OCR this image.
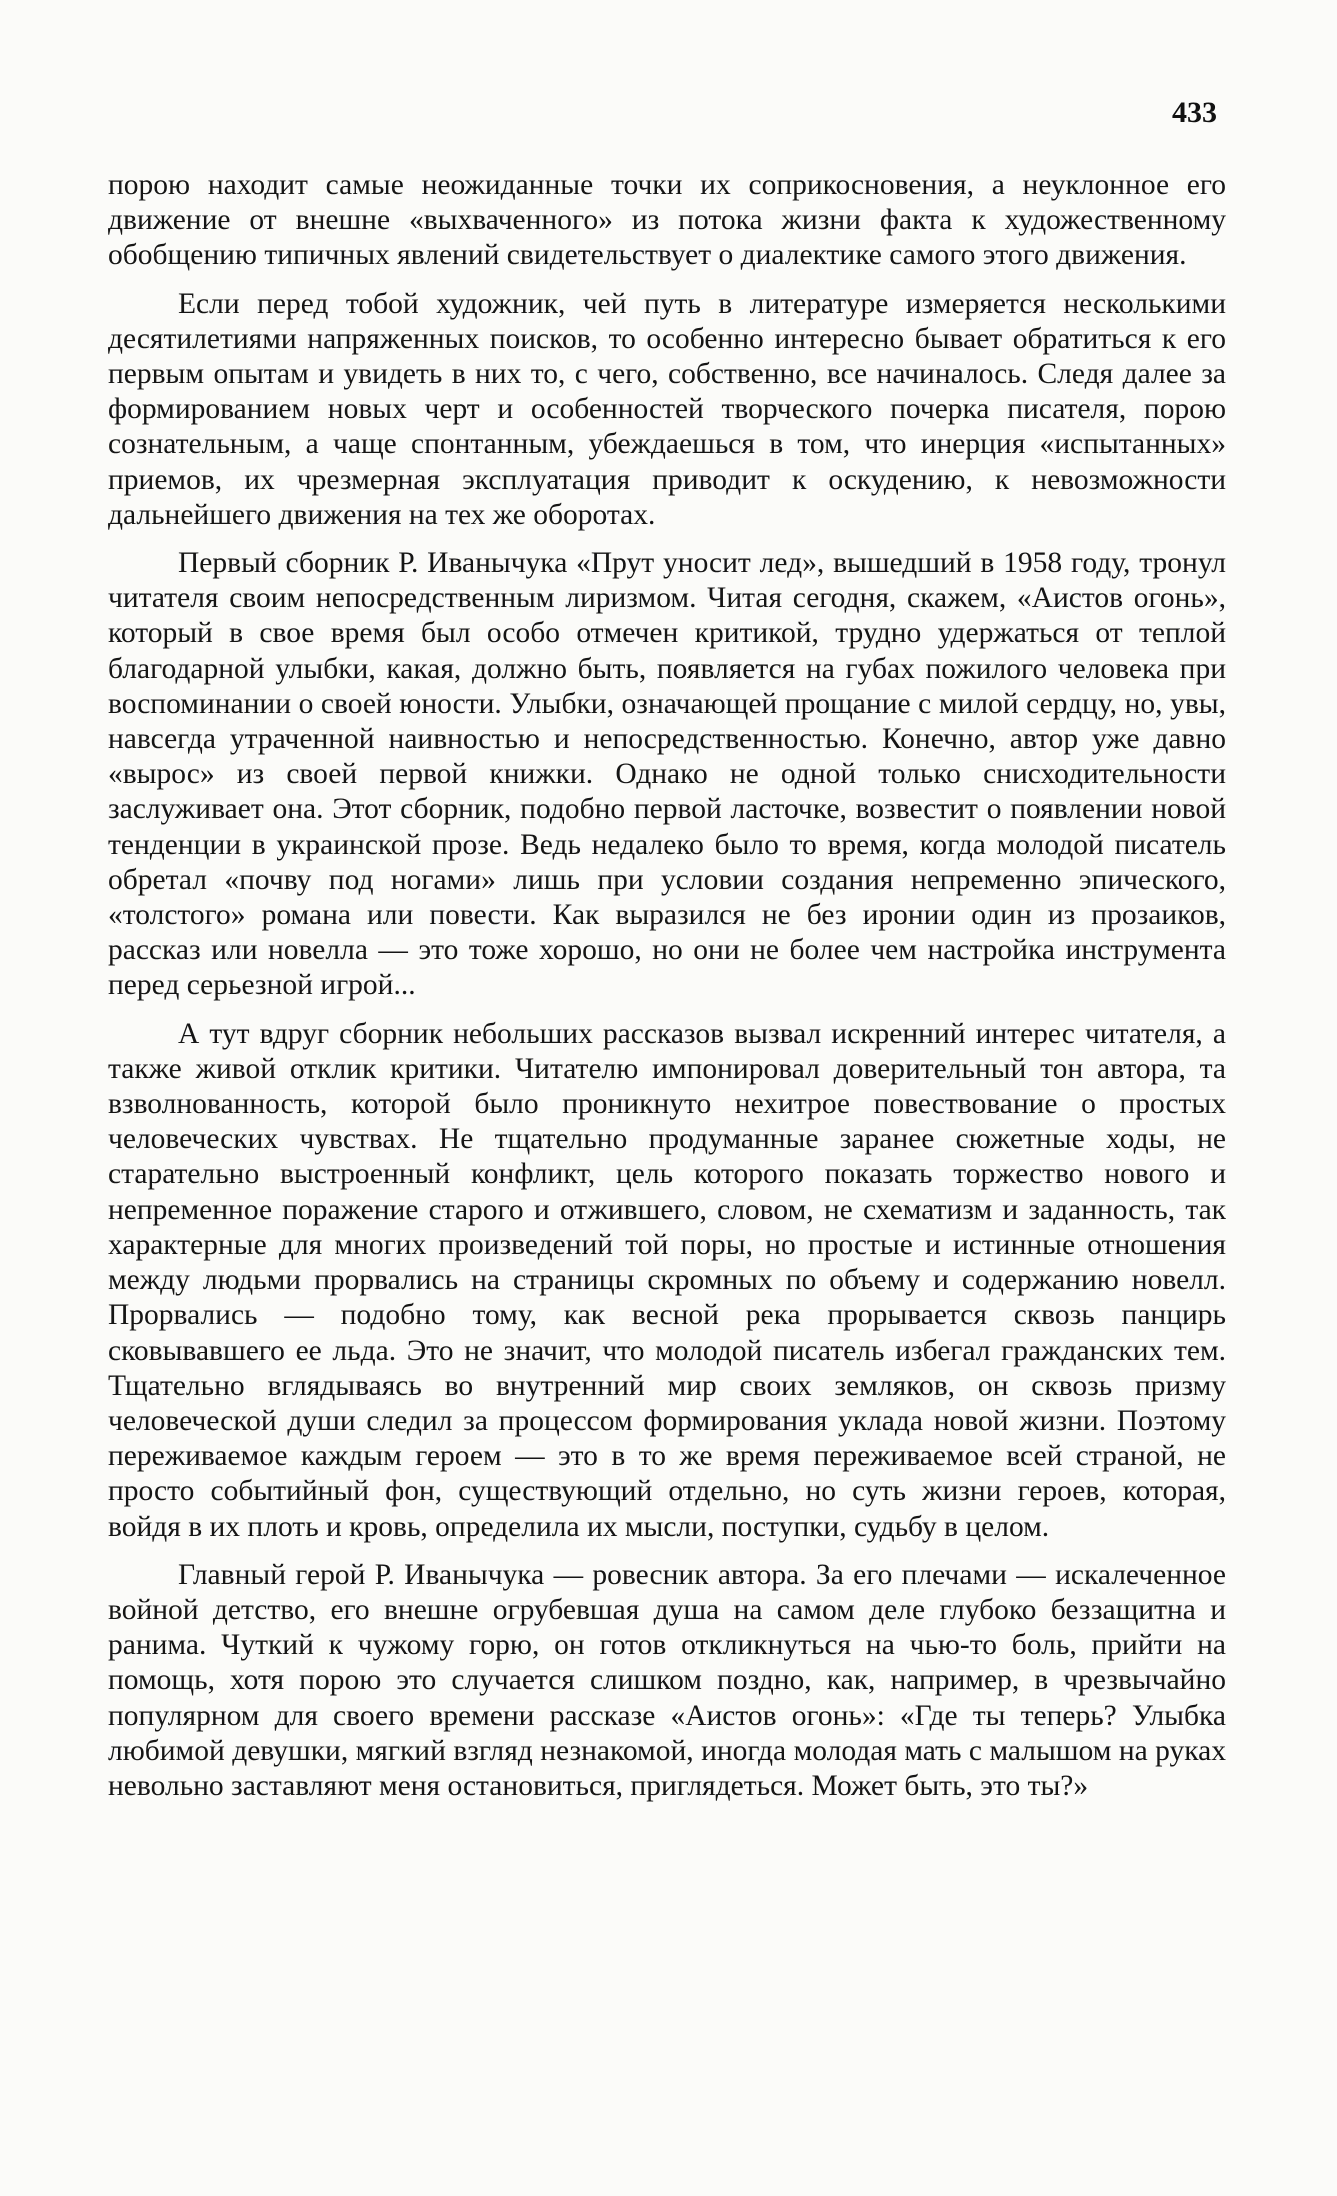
433

порою находит самые неожиданные точки их соприкосновения, а неуклонное его движение от внешне «выхваченного» из потока жизни факта к художественному обобщению типичных явлений свидетельствует о диалектике самого этого движения.

Если перед тобой художник, чей путь в литературе измеряется несколькими десятилетиями напряженных поисков, то особенно интересно бывает обратиться к его первым опытам и увидеть в них то, с чего, собственно, все начиналось. Следя далее за формированием новых черт и особенностей творческого почерка писателя, порою сознательным, а чаще спонтанным, убеждаешься в том, что инерция «испытанных» приемов, их чрезмерная эксплуатация приводит к оскудению, к невозможности дальнейшего движения на тех же оборотах.

Первый сборник Р. Иванычука «Прут уносит лед», вышедший в 1958 году, тронул читателя своим непосредственным лиризмом. Читая сегодня, скажем, «Аистов огонь», который в свое время был особо отмечен критикой, трудно удержаться от теплой благодарной улыбки, какая, должно быть, появляется на губах пожилого человека при воспоминании о своей юности. Улыбки, означающей прощание с милой сердцу, но, увы, навсегда утраченной наивностью и непосредственностью. Конечно, автор уже давно «вырос» из своей первой книжки. Однако не одной только снисходительности заслуживает она. Этот сборник, подобно первой ласточке, возвестит о появлении новой тенденции в украинской прозе. Ведь недалеко было то время, когда молодой писатель обретал «почву под ногами» лишь при условии создания непременно эпического, «толстого» романа или повести. Как выразился не без иронии один из прозаиков, рассказ или новелла — это тоже хорошо, но они не более чем настройка инструмента перед серьезной игрой...

А тут вдруг сборник небольших рассказов вызвал искренний интерес читателя, а также живой отклик критики. Читателю импонировал доверительный тон автора, та взволнованность, которой было проникнуто нехитрое повествование о простых человеческих чувствах. Не тщательно продуманные заранее сюжетные ходы, не старательно выстроенный конфликт, цель которого показать торжество нового и непременное поражение старого и отжившего, словом, не схематизм и заданность, так характерные для многих произведений той поры, но простые и истинные отношения между людьми прорвались на страницы скромных по объему и содержанию новелл. Прорвались — подобно тому, как весной река прорывается сквозь панцирь сковывавшего ее льда. Это не значит, что молодой писатель избегал гражданских тем. Тщательно вглядываясь во внутренний мир своих земляков, он сквозь призму человеческой души следил за процессом формирования уклада новой жизни. Поэтому переживаемое каждым героем — это в то же время переживаемое всей страной, не просто событийный фон, существующий отдельно, но суть жизни героев, которая, войдя в их плоть и кровь, определила их мысли, поступки, судьбу в целом.

Главный герой Р. Иванычука — ровесник автора. За его плечами — искалеченное войной детство, его внешне огрубевшая душа на самом деле глубоко беззащитна и ранима. Чуткий к чужому горю, он готов откликнуться на чью-то боль, прийти на помощь, хотя порою это случается слишком поздно, как, например, в чрезвычайно популярном для своего времени рассказе «Аистов огонь»: «Где ты теперь? Улыбка любимой девушки, мягкий взгляд незнакомой, иногда молодая мать с малышом на руках невольно заставляют меня остановиться, приглядеться. Может быть, это ты?»
